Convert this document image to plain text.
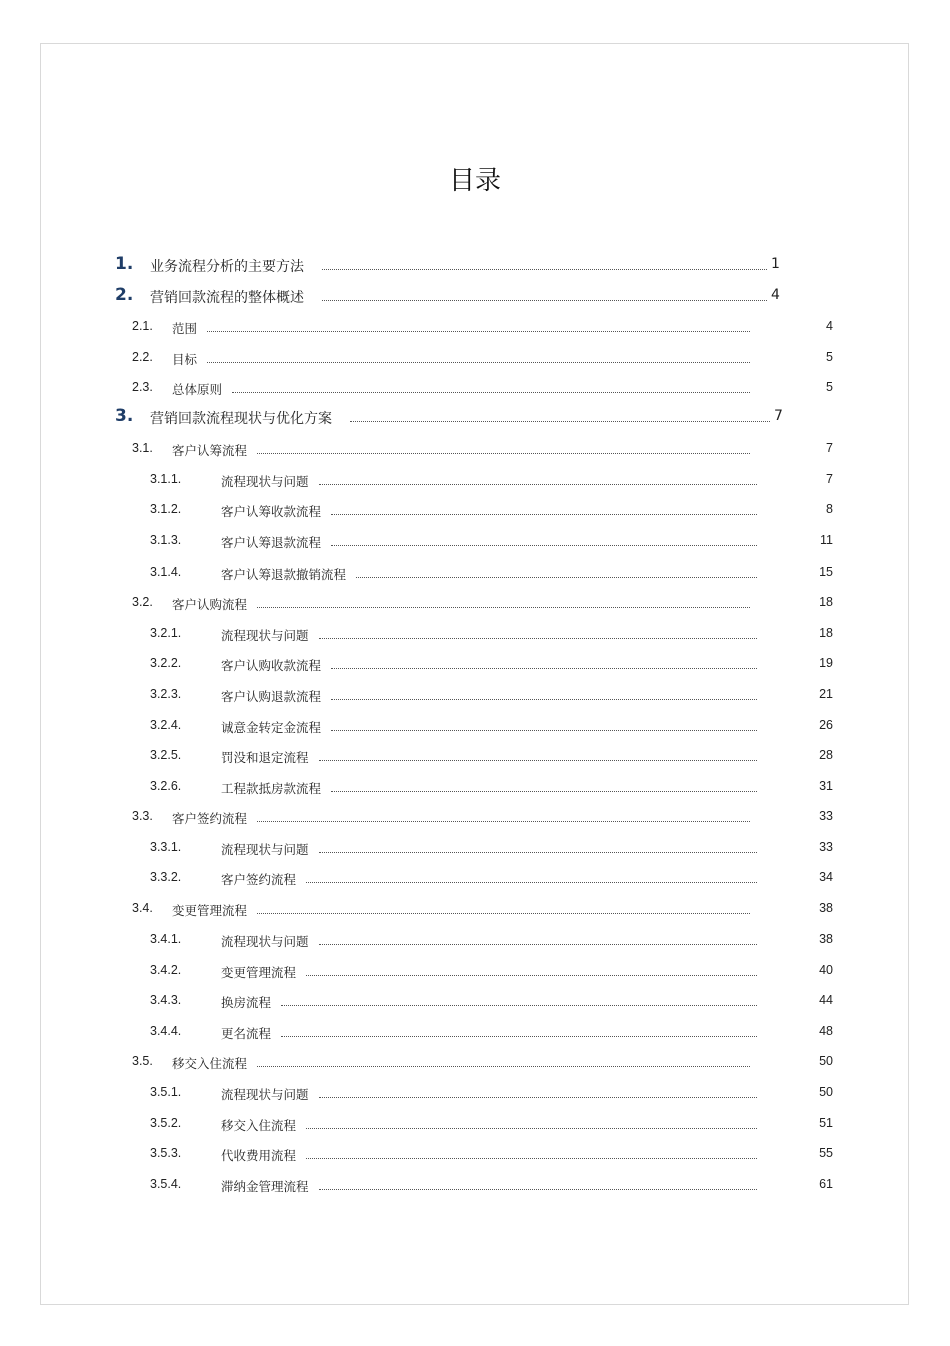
目录
1. 业务流程分析的主要方法	1
2. 营销回款流程的整体概述	4
2.1. 范围	4
2.2. 目标	5
2.3. 总体原则	5
3. 营销回款流程现状与优化方案	7
3.1. 客户认筹流程	7
3.1.1.	流程现状与问题	7
3.1.2.	客户认筹收款流程	8
3.1.3.	客户认筹退款流程	11
3.1.4.	客户认筹退款撤销流程	15
3.2. 客户认购流程	18
3.2.1.	流程现状与问题	18
3.2.2.	客户认购收款流程	19
3.2.3.	客户认购退款流程	21
3.2.4.	诚意金转定金流程	26
3.2.5.	罚没和退定流程	28
3.2.6.	工程款抵房款流程	31
3.3. 客户签约流程	33
3.3.1.	流程现状与问题	33
3.3.2.	客户签约流程	34
3.4. 变更管理流程	38
3.4.1.	流程现状与问题	38
3.4.2.	变更管理流程	40
3.4.3.	换房流程	44
3.4.4.	更名流程	48
3.5. 移交入住流程	50
3.5.1.	流程现状与问题	50
3.5.2.	移交入住流程	51
3.5.3.	代收费用流程	55
3.5.4.	滞纳金管理流程	61
